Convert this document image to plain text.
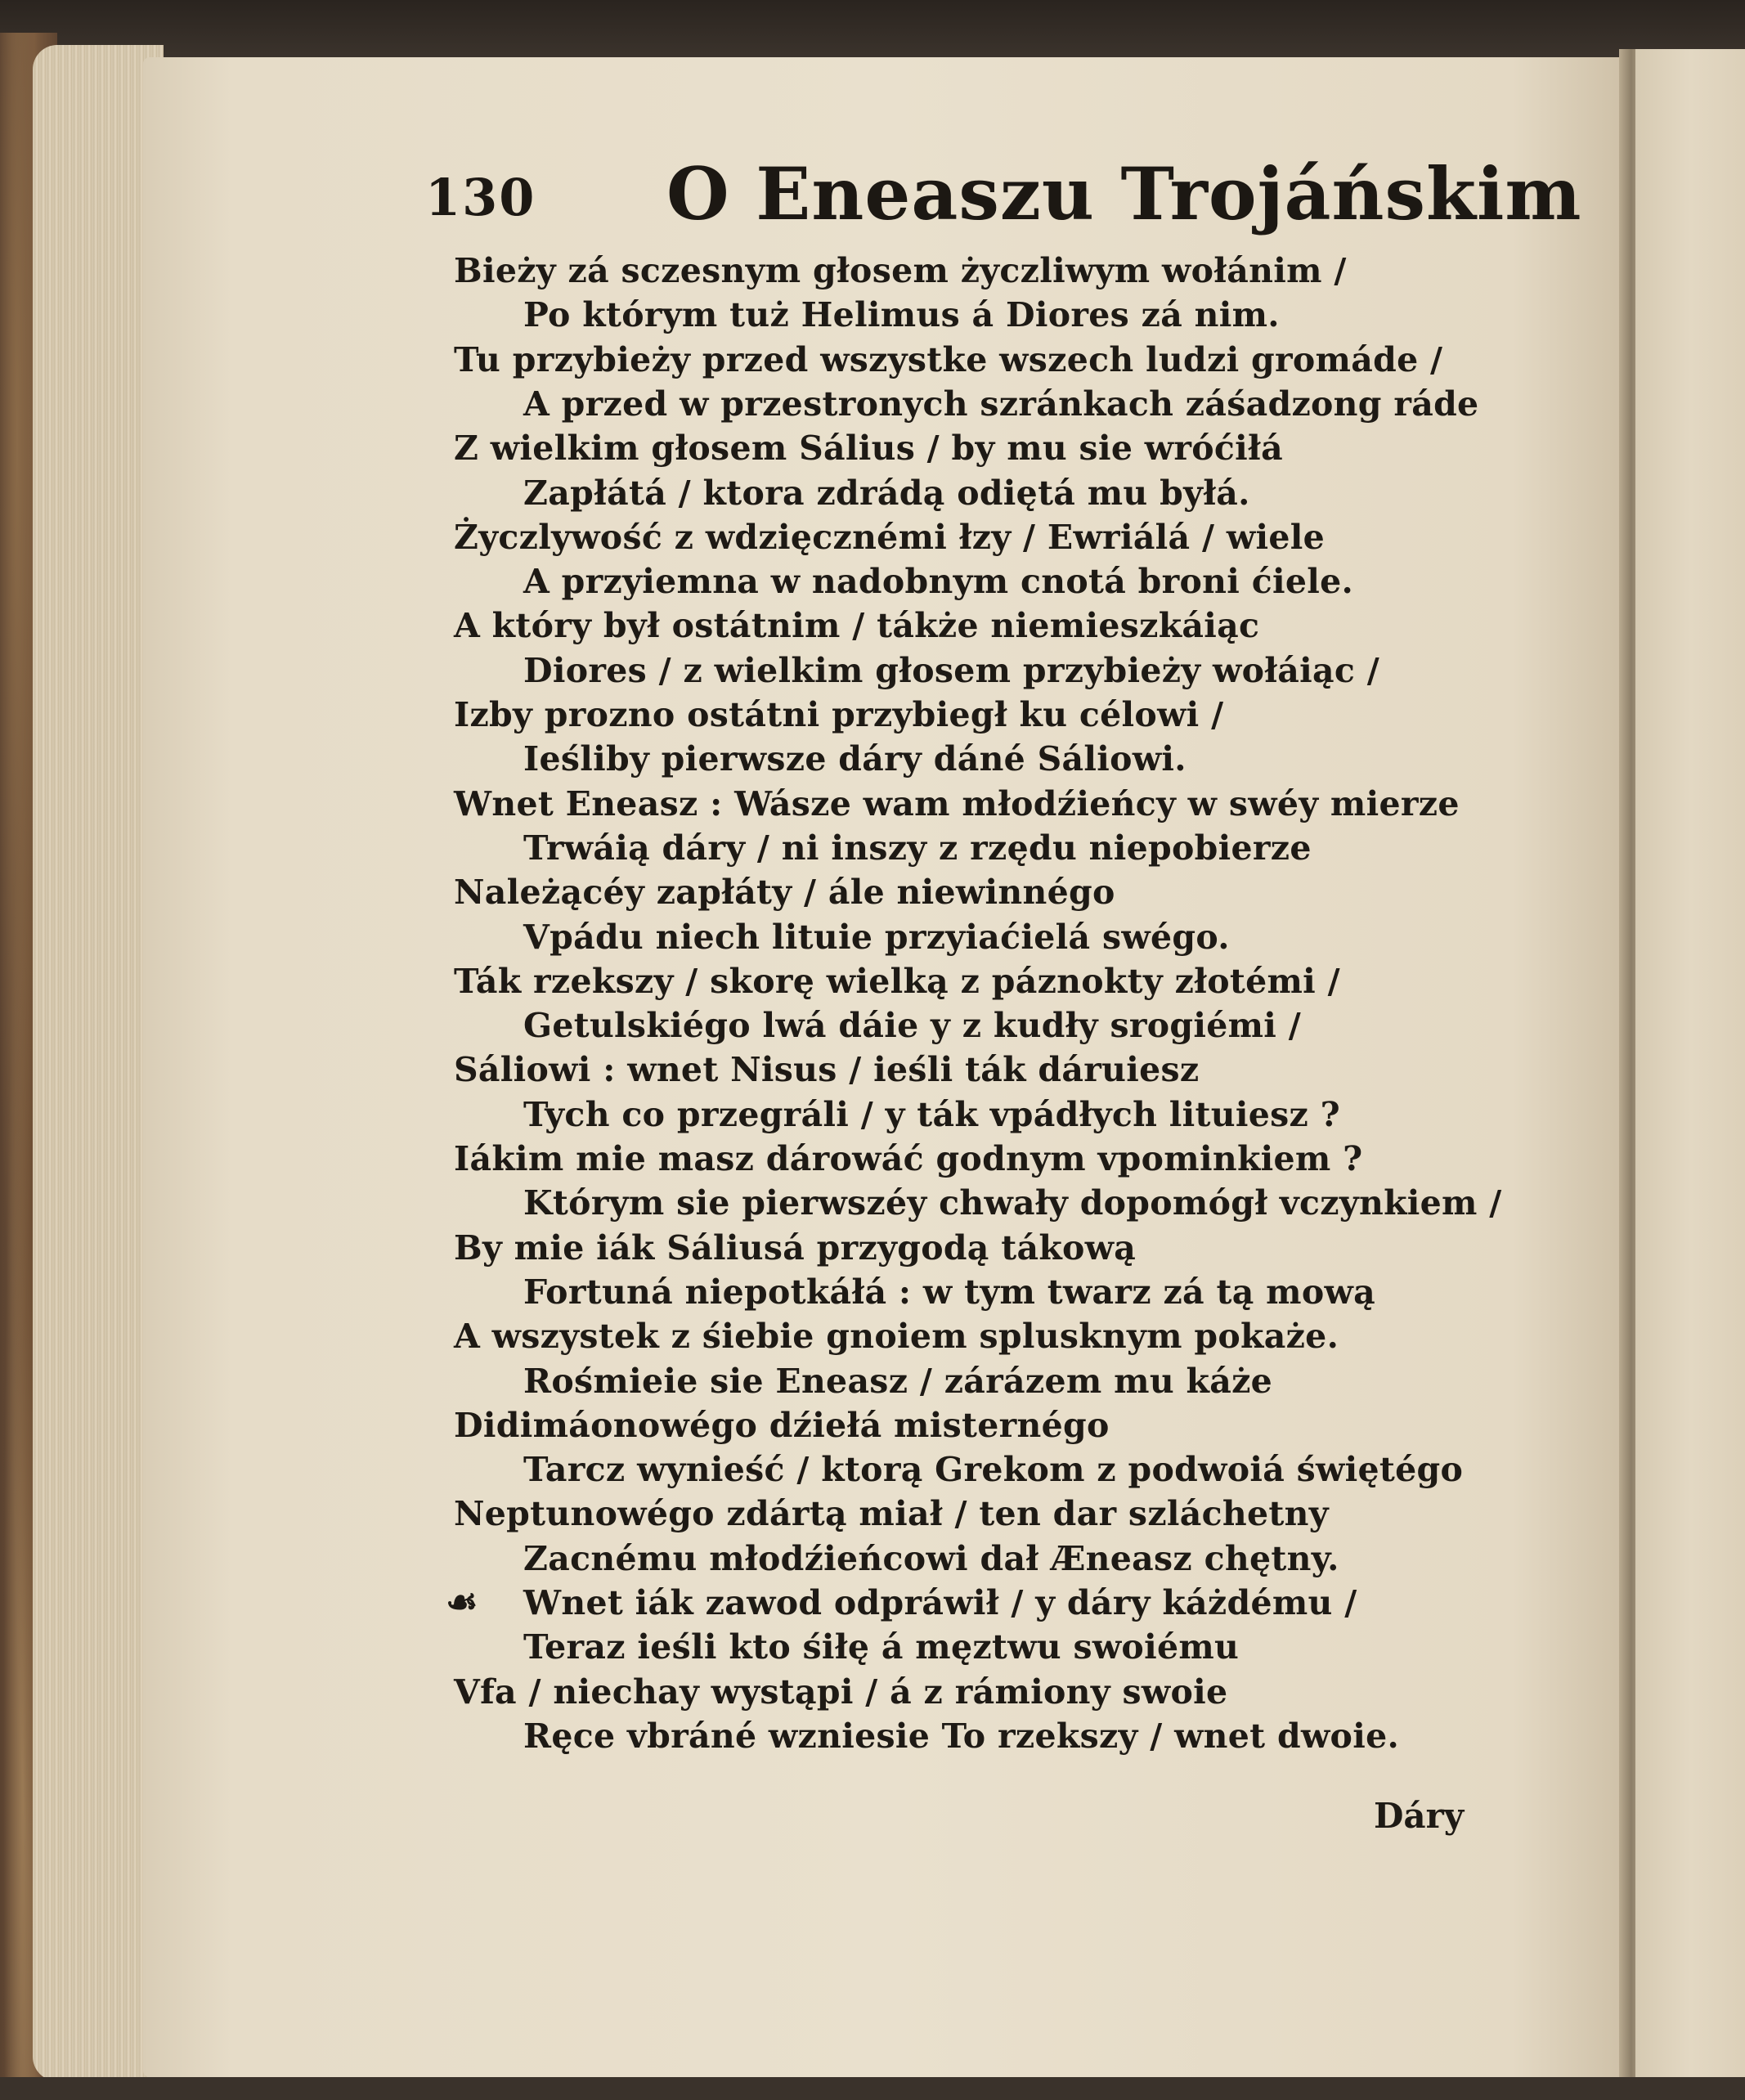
130 O Eneaszu Trojáńskim
Bieży zá sczesnym głosem życzliwym wołánim /
Po którym tuż Helimus á Diores zá nim.
Tu przybieży przed wszystke wszech ludzi gromáde /
A przed w przestronych szránkach záśadzong ráde
Z wielkim głosem Sálius / by mu sie wróćiłá
Zapłátá / ktora zdrádą odiętá mu byłá.
Życzlywość z wdzięcznémi łzy / Ewriálá / wiele
A przyiemna w nadobnym cnotá broni ćiele.
A który był ostátnim / tákże niemieszkáiąc
Diores / z wielkim głosem przybieży wołáiąc /
Izby prozno ostátni przybiegł ku célowi /
Ieśliby pierwsze dáry dáné Sáliowi.
Wnet Eneasz : Wásze wam młodźieńcy w swéy mierze
Trwáią dáry / ni inszy z rzędu niepobierze
Należącéy zapłáty / ále niewinnégo
Vpádu niech lituie przyiaćielá swégo.
Ták rzekszy / skorę wielką z páznokty złotémi /
Getulskiégo lwá dáie y z kudły srogiémi /
Sáliowi : wnet Nisus / ieśli ták dáruiesz
Tych co przegráli / y ták vpádłych lituiesz ?
Iákim mie masz dárowáć godnym vpominkiem ?
Którym sie pierwszéy chwały dopomógł vczynkiem /
By mie iák Sáliusá przygodą tákową
Fortuná niepotkáłá : w tym twarz zá tą mową
A wszystek z śiebie gnoiem splusknym pokaże.
Rośmieie sie Eneasz / zárázem mu káże
Didimáonowégo dźiełá misternégo
Tarcz wynieść / ktorą Grekom z podwoiá świętégo
Neptunowégo zdártą miał / ten dar szláchetny
Zacnému młodźieńcowi dał Æneasz chętny.
☙ Wnet iák zawod odpráwił / y dáry káżdému /
Teraz ieśli kto śiłę á męztwu swoiému
Vfa / niechay wystąpi / á z rámiony swoie
Ręce vbráné wzniesie To rzekszy / wnet dwoie.
Dáry
